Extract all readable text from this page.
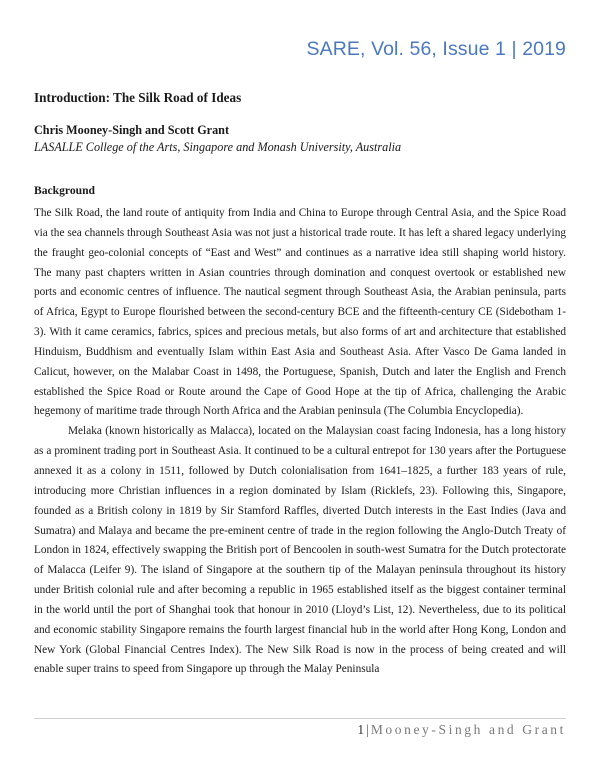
SARE, Vol. 56, Issue 1 | 2019
Introduction: The Silk Road of Ideas
Chris Mooney-Singh and Scott Grant
LASALLE College of the Arts, Singapore and Monash University, Australia
Background

The Silk Road, the land route of antiquity from India and China to Europe through Central Asia, and the Spice Road via the sea channels through Southeast Asia was not just a historical trade route. It has left a shared legacy underlying the fraught geo-colonial concepts of “East and West” and continues as a narrative idea still shaping world history. The many past chapters written in Asian countries through domination and conquest overtook or established new ports and economic centres of influence. The nautical segment through Southeast Asia, the Arabian peninsula, parts of Africa, Egypt to Europe flourished between the second-century BCE and the fifteenth-century CE (Sidebotham 1-3). With it came ceramics, fabrics, spices and precious metals, but also forms of art and architecture that established Hinduism, Buddhism and eventually Islam within East Asia and Southeast Asia. After Vasco De Gama landed in Calicut, however, on the Malabar Coast in 1498, the Portuguese, Spanish, Dutch and later the English and French established the Spice Road or Route around the Cape of Good Hope at the tip of Africa, challenging the Arabic hegemony of maritime trade through North Africa and the Arabian peninsula (The Columbia Encyclopedia).

Melaka (known historically as Malacca), located on the Malaysian coast facing Indonesia, has a long history as a prominent trading port in Southeast Asia. It continued to be a cultural entrepot for 130 years after the Portuguese annexed it as a colony in 1511, followed by Dutch colonialisation from 1641–1825, a further 183 years of rule, introducing more Christian influences in a region dominated by Islam (Ricklefs, 23). Following this, Singapore, founded as a British colony in 1819 by Sir Stamford Raffles, diverted Dutch interests in the East Indies (Java and Sumatra) and Malaya and became the pre-eminent centre of trade in the region following the Anglo-Dutch Treaty of London in 1824, effectively swapping the British port of Bencoolen in south-west Sumatra for the Dutch protectorate of Malacca (Leifer 9). The island of Singapore at the southern tip of the Malayan peninsula throughout its history under British colonial rule and after becoming a republic in 1965 established itself as the biggest container terminal in the world until the port of Shanghai took that honour in 2010 (Lloyd’s List, 12). Nevertheless, due to its political and economic stability Singapore remains the fourth largest financial hub in the world after Hong Kong, London and New York (Global Financial Centres Index). The New Silk Road is now in the process of being created and will enable super trains to speed from Singapore up through the Malay Peninsula

1 | Mooney-Singh and Grant
